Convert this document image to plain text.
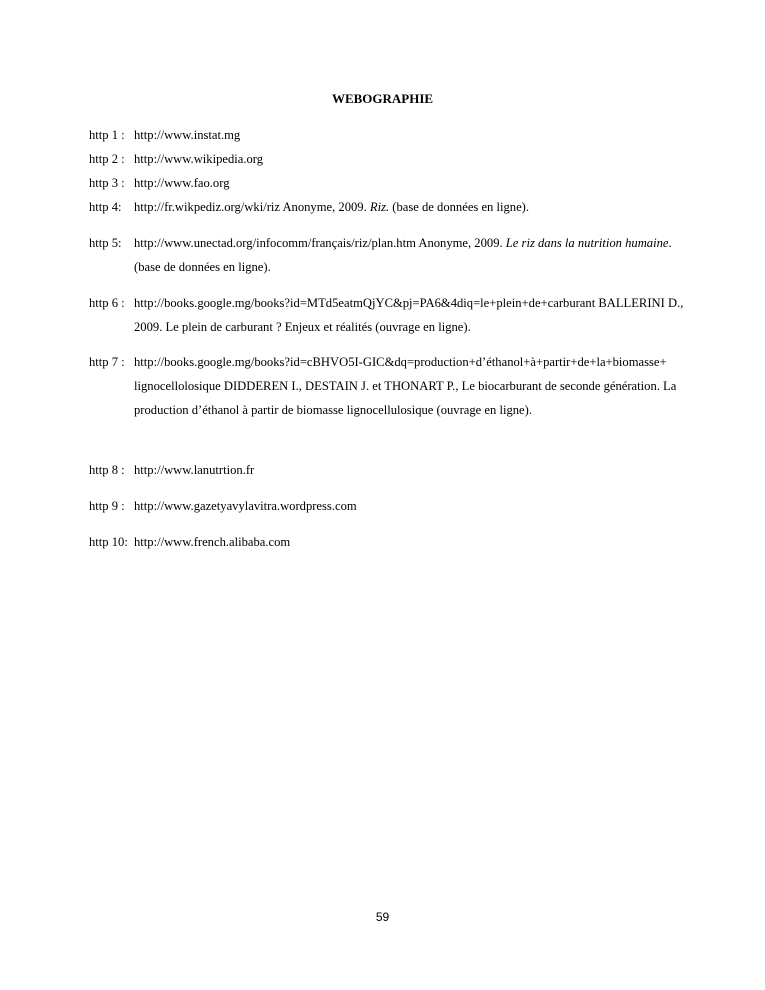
WEBOGRAPHIE
http 1 : http://www.instat.mg
http 2 : http://www.wikipedia.org
http 3 : http://www.fao.org
http 4: http://fr.wikpediz.org/wki/riz Anonyme, 2009. Riz. (base de données en ligne).
http 5: http://www.unectad.org/infocomm/français/riz/plan.htm Anonyme, 2009. Le riz dans la nutrition humaine. (base de données en ligne).
http 6 : http://books.google.mg/books?id=MTd5eatmQjYC&pj=PA6&4diq=le+plein+de+carburant BALLERINI D., 2009. Le plein de carburant ? Enjeux et réalités (ouvrage en ligne).
http 7 : http://books.google.mg/books?id=cBHVO5I-GIC&dq=production+d’éthanol+à+partir+de+la+biomasse+ lignocellolosique DIDDEREN I., DESTAIN J. et THONART P., Le biocarburant de seconde génération. La production d’éthanol à partir de biomasse lignocellulosique (ouvrage en ligne).
http 8 : http://www.lanutrtion.fr
http 9 : http://www.gazetyavylavitra.wordpress.com
http 10: http://www.french.alibaba.com
59
